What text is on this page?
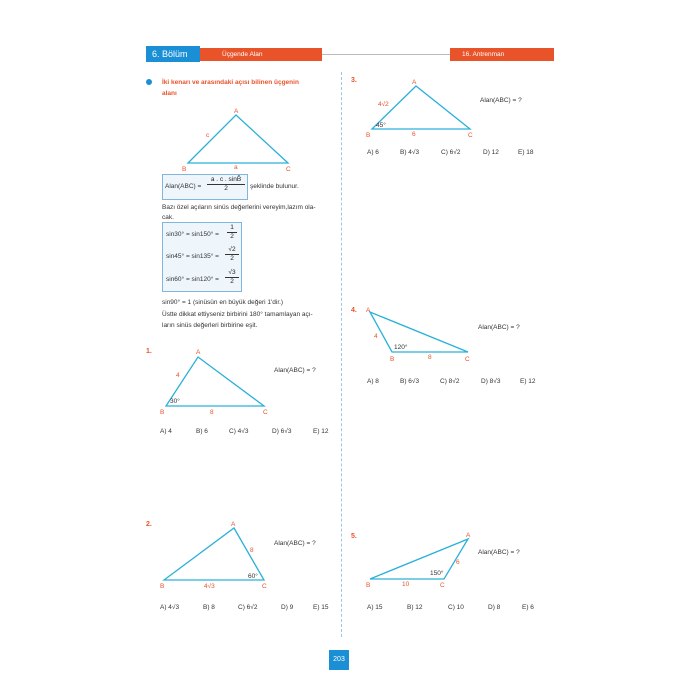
6. Bölüm	Üçgende Alan	16. Antrenman
İki kenarı ve arasındaki açısı bilinen üçgenin
alanı
A
B	C
c
a
Alan(ABC) = $\frac{a . c . \sin B̂}{2}$ şeklinde bulunur.
Bazı özel açıların sinüs değerlerini vereyim,lazım ola-
cak.
$\sin 30^\circ = \sin 150^\circ = \frac{1}{2}$
$\sin 45^\circ = \sin 135^\circ = \frac{√2}{2}$
$\sin 60^\circ = \sin 120^\circ = \frac{√3}{2}$
sin90° = 1 (sinüsün en büyük değeri 1'dir.)
Üstte dikkat ettiyseniz birbirini 180° tamamlayan açı-
ların sinüs değerleri birbirine eşit.
1.	A
B	C
4
8
30°
Alan(ABC) = ?
A) 4	B) 6	C) 4√3	D) 6√3	E) 12
2.	A
B	C
8
4√3
60°
Alan(ABC) = ?
A) 4√3	B) 8	C) 6√2	D) 9	E) 15
3.	A
B	C
4√2
6
45°
Alan(ABC) = ?
A) 6	B) 4√3	C) 6√2	D) 12	E) 18
4. A
B	C
4
8
120°
Alan(ABC) = ?
A) 8	B) 6√3	C) 8√2	D) 8√3	E) 12
5.	A
B	C
6
10
150°
Alan(ABC) = ?
A) 15	B) 12	C) 10	D) 8	E) 6
203
